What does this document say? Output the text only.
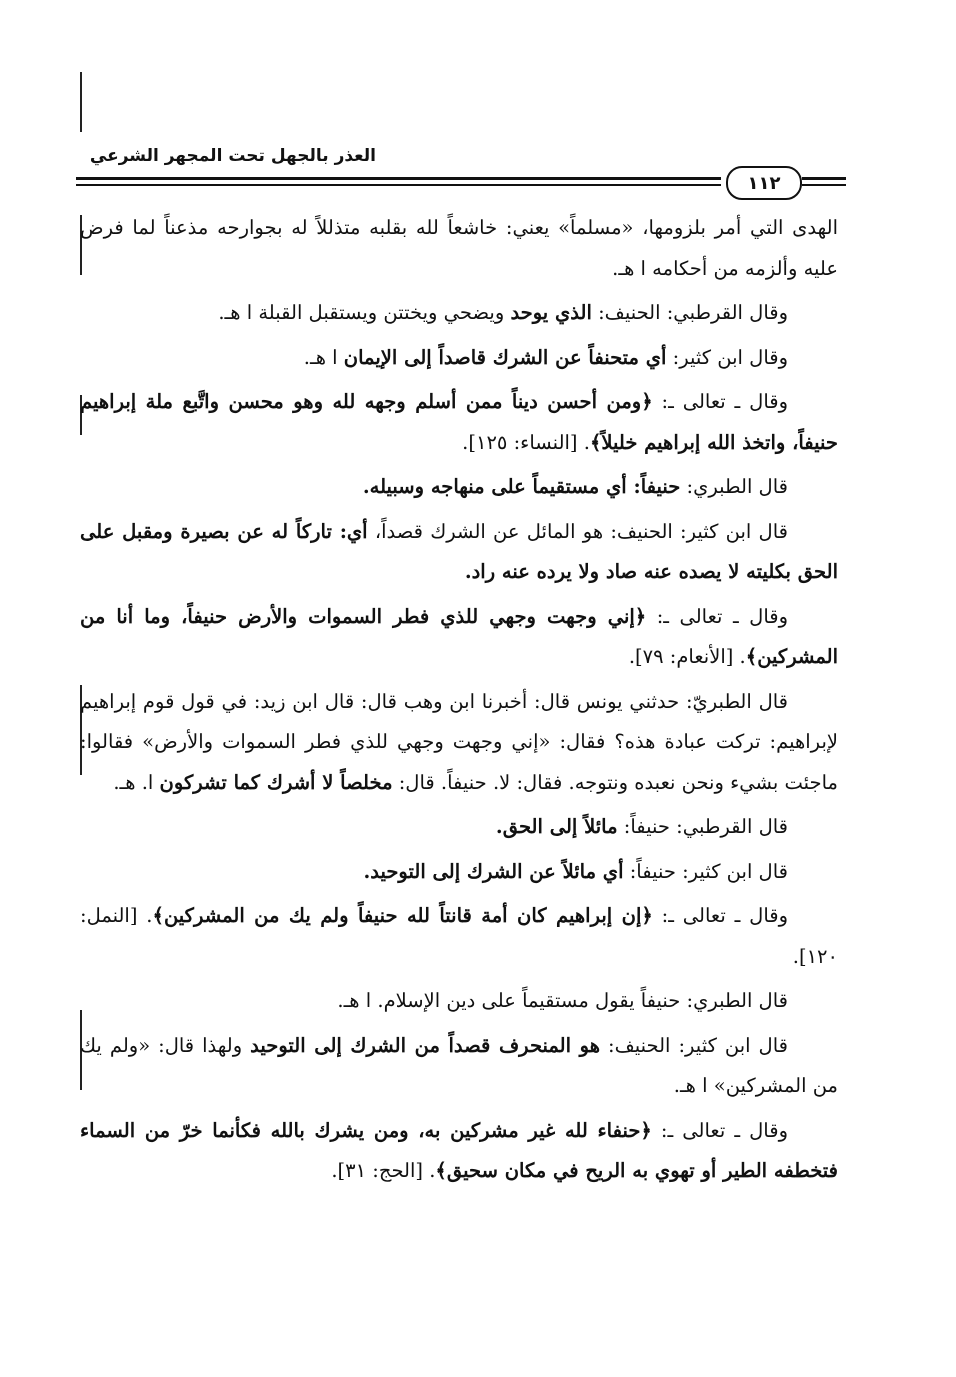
العذر بالجهل تحت المجهر الشرعي
١١٢

الهدى التي أمر بلزومها، «مسلماً» يعني: خاشعاً لله بقلبه متذللاً له بجوارحه مذعناً لما فرض عليه وألزمه من أحكامه ا هـ.

وقال القرطبي: الحنيف: الذي يوحد ويضحي ويختتن ويستقبل القبلة ا هـ.

وقال ابن كثير: أي متحنفاً عن الشرك قاصداً إلى الإيمان ا هـ.

وقال ـ تعالى ـ: ﴿ومن أحسن ديناً ممن أسلم وجهه لله وهو محسن واتَّبع ملة إبراهيم حنيفاً، واتخذ الله إبراهيم خليلاً﴾. [النساء: ١٢٥].

قال الطبري: حنيفاً: أي مستقيماً على منهاجه وسبيله.

قال ابن كثير: الحنيف: هو المائل عن الشرك قصداً، أي: تاركاً له عن بصيرة ومقبل على الحق بكليته لا يصده عنه صاد ولا يرده عنه راد.

وقال ـ تعالى ـ: ﴿إني وجهت وجهي للذي فطر السموات والأرض حنيفاً، وما أنا من المشركين﴾. [الأنعام: ٧٩].

قال الطبريّ: حدثني يونس قال: أخبرنا ابن وهب قال: قال ابن زيد: في قول قوم إبراهيم لإبراهيم: تركت عبادة هذه؟ فقال: «إني وجهت وجهي للذي فطر السموات والأرض» فقالوا: ماجئت بشيء ونحن نعبده ونتوجه. فقال: لا. حنيفاً. قال: مخلصاً لا أشرك كما تشركون ا. هـ.

قال القرطبي: حنيفاً: مائلاً إلى الحق.

قال ابن كثير: حنيفاً: أي مائلاً عن الشرك إلى التوحيد.

وقال ـ تعالى ـ: ﴿إن إبراهيم كان أمة قانتاً لله حنيفاً ولم يك من المشركين﴾. [النمل: ١٢٠].

قال الطبري: حنيفاً يقول مستقيماً على دين الإسلام. ا هـ.

قال ابن كثير: الحنيف: هو المنحرف قصداً من الشرك إلى التوحيد ولهذا قال: «ولم يك من المشركين» ا هـ.

وقال ـ تعالى ـ: ﴿حنفاء لله غير مشركين به، ومن يشرك بالله فكأنما خرّ من السماء فتخطفه الطير أو تهوي به الريح في مكان سحيق﴾. [الحج: ٣١].
